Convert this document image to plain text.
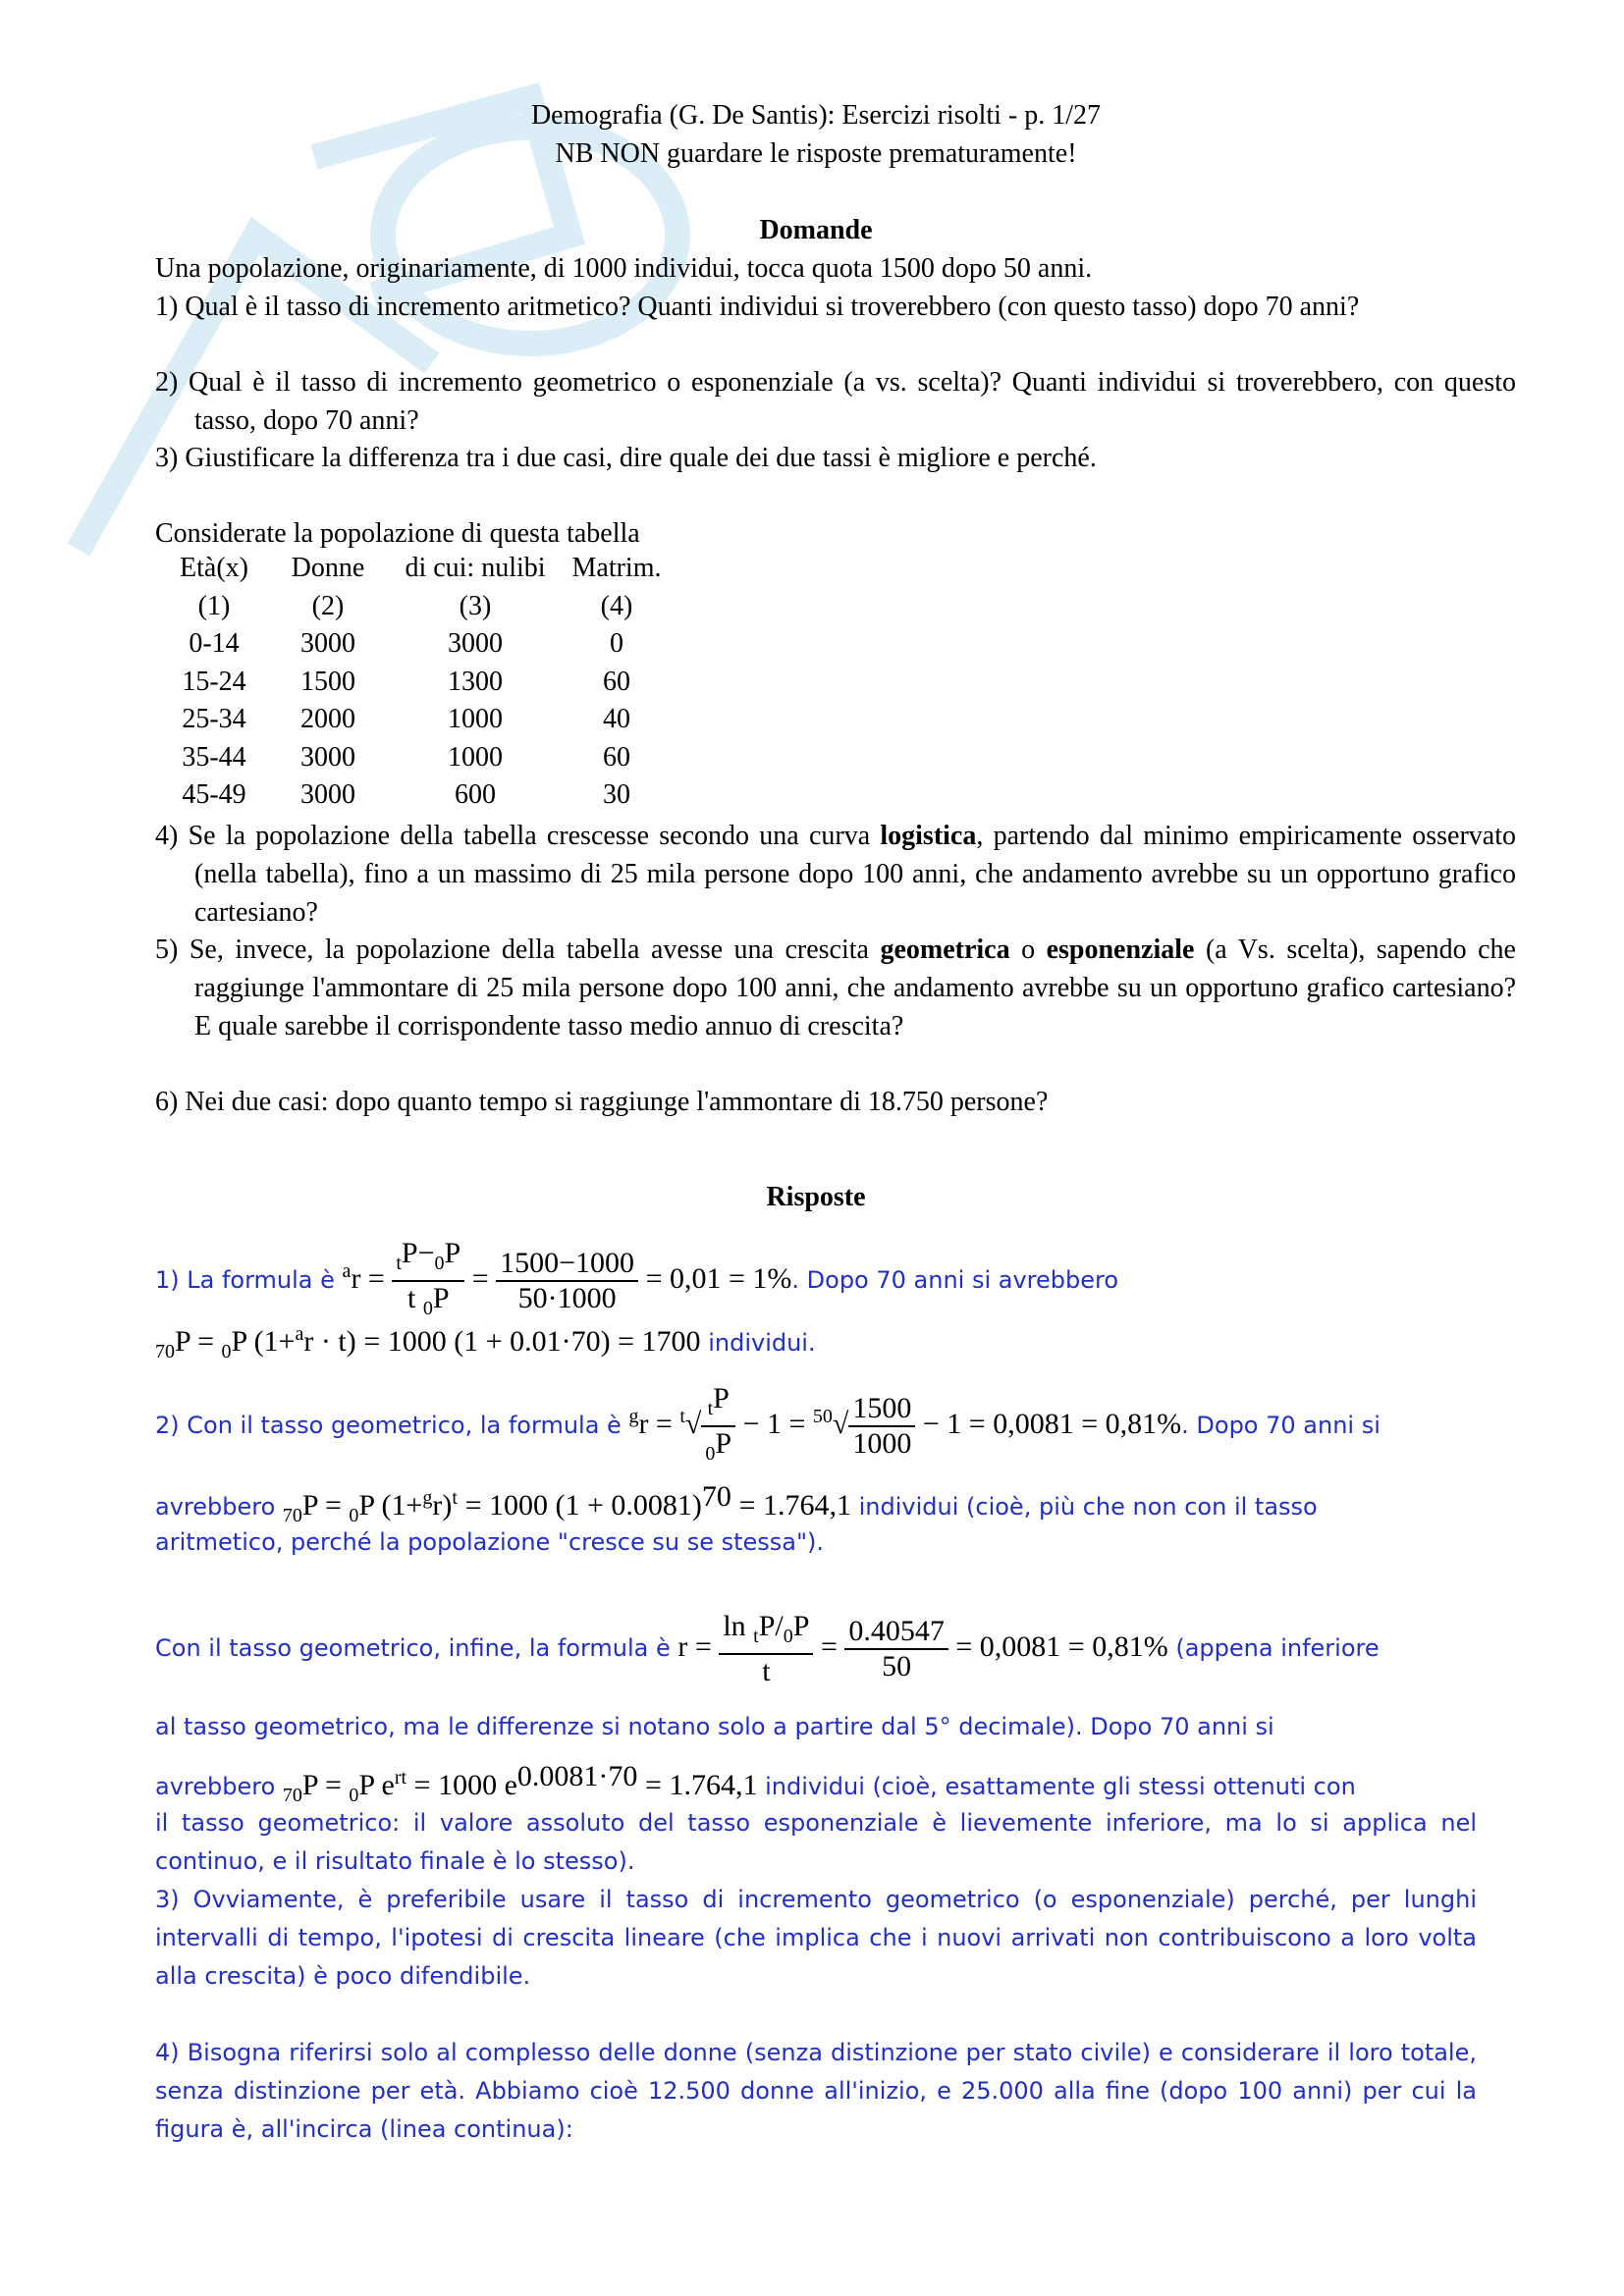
Demografia (G. De Santis): Esercizi risolti - p. 1/27

NB NON guardare le risposte prematuramente!

Domande

Una popolazione, originariamente, di 1000 individui, tocca quota 1500 dopo 50 anni.

1) Qual è il tasso di incremento aritmetico? Quanti individui si troverebbero (con questo tasso) dopo 70 anni?

2) Qual è il tasso di incremento geometrico o esponenziale (a vs. scelta)? Quanti individui si troverebbero, con questo tasso, dopo 70 anni?

3) Giustificare la differenza tra i due casi, dire quale dei due tassi è migliore e perché.

Considerate la popolazione di questa tabella

Età(x)	Donne	di cui: nulibi	Matrim.
(1)	(2)	(3)	(4)
0-14	3000	3000	0
15-24	1500	1300	60
25-34	2000	1000	40
35-44	3000	1000	60
45-49	3000	600	30

4) Se la popolazione della tabella crescesse secondo una curva logistica, partendo dal minimo empiricamente osservato (nella tabella), fino a un massimo di 25 mila persone dopo 100 anni, che andamento avrebbe su un opportuno grafico cartesiano?

5) Se, invece, la popolazione della tabella avesse una crescita geometrica o esponenziale (a Vs. scelta), sapendo che raggiunge l'ammontare di 25 mila persone dopo 100 anni, che andamento avrebbe su un opportuno grafico cartesiano? E quale sarebbe il corrispondente tasso medio annuo di crescita?

6) Nei due casi: dopo quanto tempo si raggiunge l'ammontare di 18.750 persone?

Risposte

1) La formula è $^ar = \frac{_tP-_0P}{t _0P} = \frac{1500-1000}{50\cdot 1000} = 0,01 = 1\%$. Dopo 70 anni si avrebbero
$_{70}$P = $_0$P (1+$^a$r · t) = 1000 (1 + 0.01·70) = 1700 individui.
2) Con il tasso geometrico, la formula è $^gr = ^t√ \frac{_tP}{_0P} - 1 = ^{50}√ \frac{1500}{1000} - 1 = 0,0081 = 0,81\%$. Dopo 70 anni si
avrebbero $_{70}$P = $_0$P $(1+^gr)^t = 1000$ $(1 + 0.0081)^{70} = 1.764,1$ individui (cioè, più che non con il tasso

aritmetico, perché la popolazione "cresce su se stessa").

Con il tasso geometrico, infine, la formula è $r = \frac{\ln _tP/_0P}{t} = \frac{0.40547}{50} = 0,0081 = 0,81\%$ (appena inferiore

al tasso geometrico, ma le differenze si notano solo a partire dal 5° decimale). Dopo 70 anni si

avrebbero $_{70}$P = $_0$P $e^{rt} = 1000$ $e^{0.0081\cdot 70} = 1.764,1$ individui (cioè, esattamente gli stessi ottenuti con

il tasso geometrico: il valore assoluto del tasso esponenziale è lievemente inferiore, ma lo si applica nel continuo, e il risultato finale è lo stesso).

3) Ovviamente, è preferibile usare il tasso di incremento geometrico (o esponenziale) perché, per lunghi intervalli di tempo, l'ipotesi di crescita lineare (che implica che i nuovi arrivati non contribuiscono a loro volta alla crescita) è poco difendibile.

4) Bisogna riferirsi solo al complesso delle donne (senza distinzione per stato civile) e considerare il loro totale, senza distinzione per età. Abbiamo cioè 12.500 donne all'inizio, e 25.000 alla fine (dopo 100 anni) per cui la figura è, all'incirca (linea continua):
